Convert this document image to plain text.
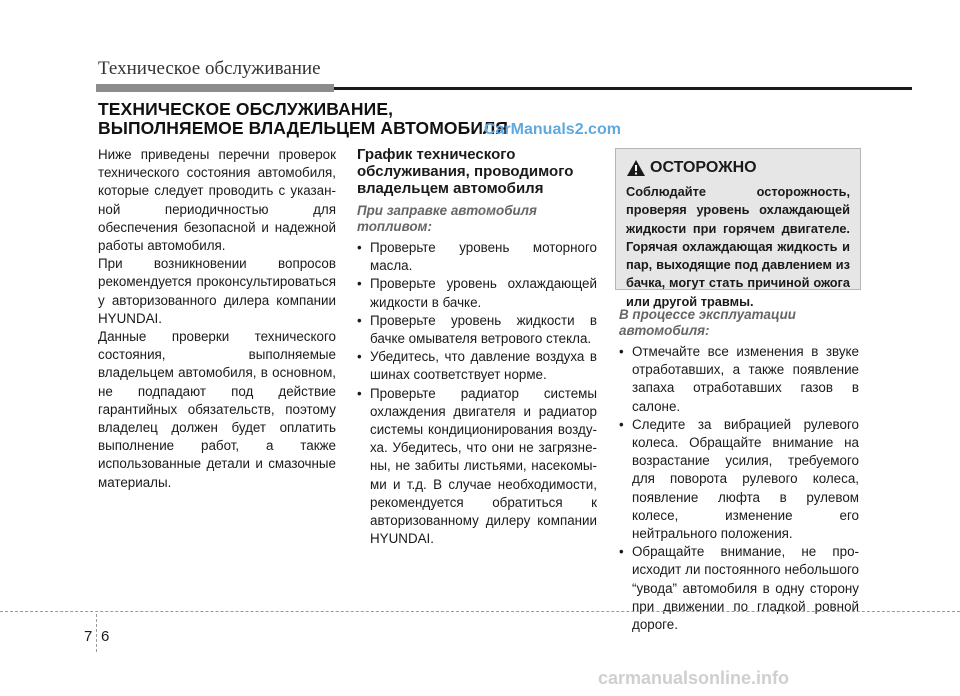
Техническое обслуживание
ТЕХНИЧЕСКОЕ ОБСЛУЖИВАНИЕ,
ВЫПОЛНЯЕМОЕ ВЛАДЕЛЬЦЕМ АВТОМОБИЛЯ
CarManuals2.com

Ниже приведены перечни проверок технического состояния автомобиля, которые следует проводить с указанной периодичностью для обеспечения безопасной и надежной работы автомобиля.

При возникновении вопросов рекомендуется проконсультироваться у авторизованного дилера компании HYUNDAI.

Данные проверки технического состояния, выполняемые владельцем автомобиля, в основном, не подпадают под действие гарантийных обязательств, поэтому владелец должен будет оплатить выполнение работ, а также использованные детали и смазочные материалы.

График технического обслуживания, проводимого владельцем автомобиля
При заправке автомобиля топливом:
• Проверьте уровень моторного масла.
• Проверьте уровень охлаждающей жидкости в бачке.
• Проверьте уровень жидкости в бачке омывателя ветрового стекла.
• Убедитесь, что давление воздуха в шинах соответствует норме.
• Проверьте радиатор системы охлаждения двигателя и радиатор системы кондиционирования воздуха. Убедитесь, что они не загрязнены, не забиты листьями, насекомыми и т.д. В случае необходимости, рекомендуется обратиться к авторизованному дилеру компании HYUNDAI.
ОСТОРОЖНО
Соблюдайте осторожность, проверяя уровень охлаждающей жидкости при горячем двигателе. Горячая охлаждающая жидкость и пар, выходящие под давлением из бачка, могут стать причиной ожога или другой травмы.
В процессе эксплуатации автомобиля:
• Отмечайте все изменения в звуке отработавших, а также появление запаха отработавших газов в салоне.
• Следите за вибрацией рулевого колеса. Обращайте внимание на возрастание усилия, требуемого для поворота рулевого колеса, появление люфта в рулевом колесе, изменение его нейтрального положения.
• Обращайте внимание, не происходит ли постоянного небольшого “увода” автомобиля в одну сторону при движении по гладкой ровной дороге.
7 6
carmanualsonline.info
